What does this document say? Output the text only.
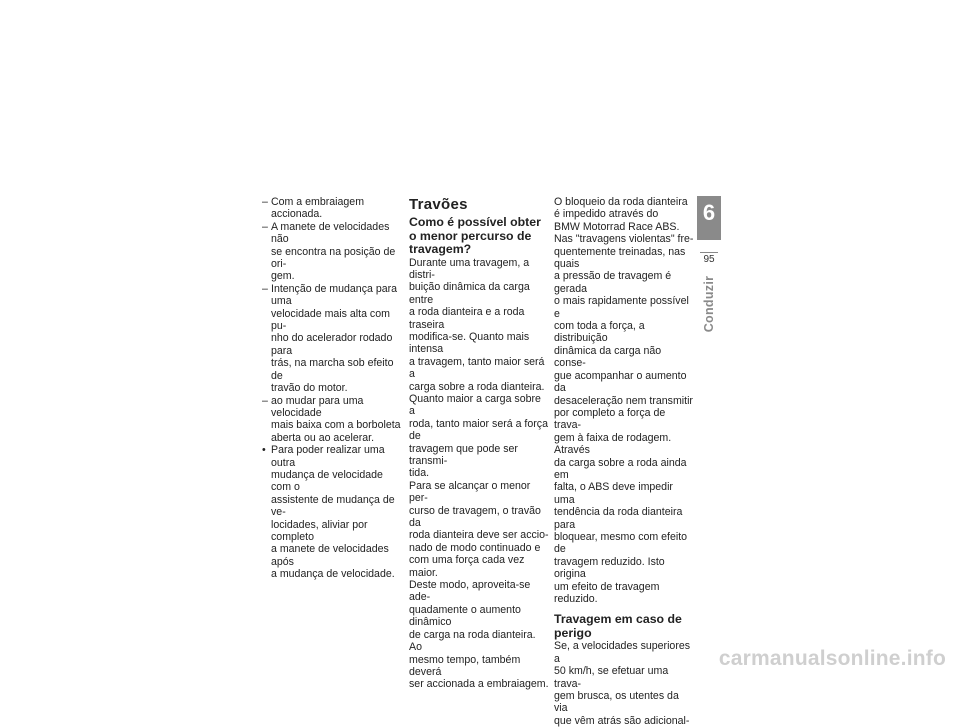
– Com a embraiagem accionada.

– A manete de velocidades não
se encontra na posição de ori-
gem.

– Intenção de mudança para uma
velocidade mais alta com pu-
nho do acelerador rodado para
trás, na marcha sob efeito de
travão do motor.

– ao mudar para uma velocidade
mais baixa com a borboleta
aberta ou ao acelerar.

• Para poder realizar uma outra
mudança de velocidade com o
assistente de mudança de ve-
locidades, aliviar por completo
a manete de velocidades após
a mudança de velocidade.

Travões
Como é possível obter
o menor percurso de
travagem?

Durante uma travagem, a distri-
buição dinâmica da carga entre
a roda dianteira e a roda traseira
modifica-se. Quanto mais intensa
a travagem, tanto maior será a
carga sobre a roda dianteira.
Quanto maior a carga sobre a
roda, tanto maior será a força de
travagem que pode ser transmi-
tida.

Para se alcançar o menor per-
curso de travagem, o travão da
roda dianteira deve ser accio-
nado de modo continuado e
com uma força cada vez maior.
Deste modo, aproveita-se ade-
quadamente o aumento dinâmico
de carga na roda dianteira. Ao
mesmo tempo, também deverá
ser accionada a embraiagem.

O bloqueio da roda dianteira
é impedido através do
BMW Motorrad Race ABS.

Nas "travagens violentas" fre-
quentemente treinadas, nas quais
a pressão de travagem é gerada
o mais rapidamente possível e
com toda a força, a distribuição
dinâmica da carga não conse-
gue acompanhar o aumento da
desaceleração nem transmitir
por completo a força de trava-
gem à faixa de rodagem. Através
da carga sobre a roda ainda em
falta, o ABS deve impedir uma
tendência da roda dianteira para
bloquear, mesmo com efeito de
travagem reduzido. Isto origina
um efeito de travagem reduzido.

Travagem em caso de
perigo

Se, a velocidades superiores a
50 km/h, se efetuar uma trava-
gem brusca, os utentes da via
que vêm atrás são adicional-

6
95
Conduzir
carmanualsonline.info
